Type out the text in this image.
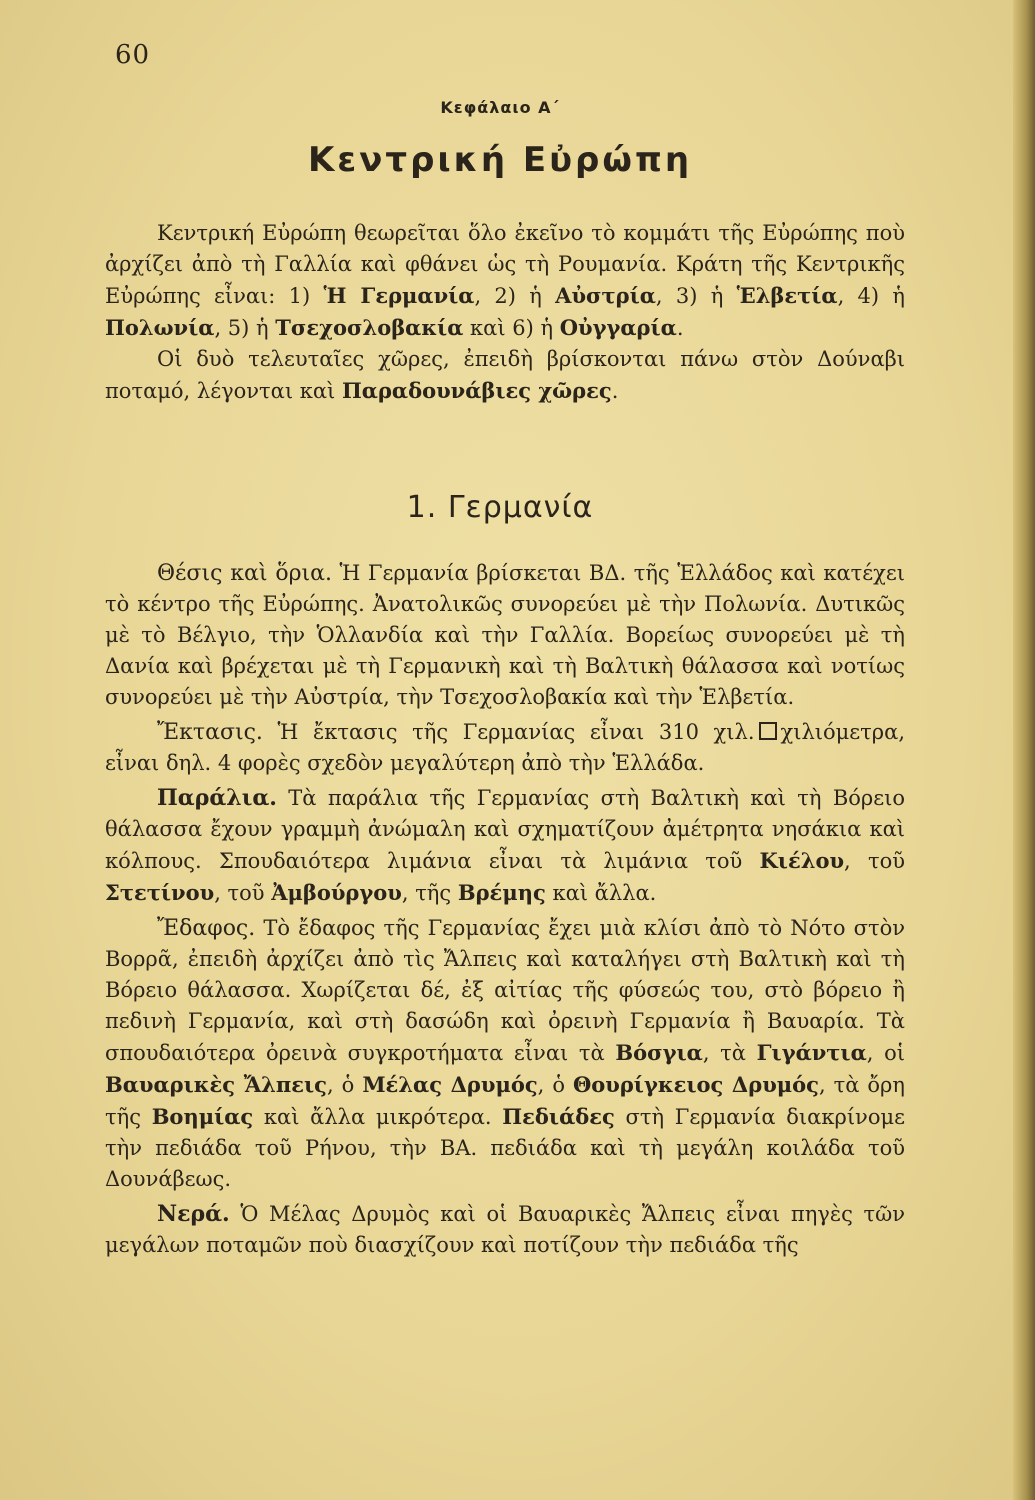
60
Κεφάλαιο Α΄
Κεντρική Εὐρώπη

Κεντρική Εὐρώπη θεωρεῖται ὅλο ἐκεῖνο τὸ κομμάτι τῆς Εὐρώπης ποὺ ἀρχίζει ἀπὸ τὴ Γαλλία καὶ φθάνει ὡς τὴ Ρουμανία. Κράτη τῆς Κεντρικῆς Εὐρώπης εἶναι: 1) Ἡ Γερμανία, 2) ἡ Αὐστρία, 3) ἡ Ἑλβετία, 4) ἡ Πολωνία, 5) ἡ Τσεχοσλοβακία καὶ 6) ἡ Οὐγγαρία.

Οἱ δυὸ τελευταῖες χῶρες, ἐπειδὴ βρίσκονται πάνω στὸν Δούναβι ποταμό, λέγονται καὶ Παραδουνάβιες χῶρες.

1. Γερμανία

Θέσις καὶ ὅρια. Ἡ Γερμανία βρίσκεται ΒΔ. τῆς Ἑλλάδος καὶ κατέχει τὸ κέντρο τῆς Εὐρώπης. Ἀνατολικῶς συνορεύει μὲ τὴν Πολωνία. Δυτικῶς μὲ τὸ Βέλγιο, τὴν Ὁλλανδία καὶ τὴν Γαλλία. Βορείως συνορεύει μὲ τὴ Δανία καὶ βρέχεται μὲ τὴ Γερμανικὴ καὶ τὴ Βαλτικὴ θάλασσα καὶ νοτίως συνορεύει μὲ τὴν Αὐστρία, τὴν Τσεχοσλοβακία καὶ τὴν Ἑλβετία.

Ἔκτασις. Ἡ ἔκτασις τῆς Γερμανίας εἶναι 310 χιλ. χιλιόμετρα, εἶναι δηλ. 4 φορὲς σχεδὸν μεγαλύτερη ἀπὸ τὴν Ἑλλάδα.

Παράλια. Τὰ παράλια τῆς Γερμανίας στὴ Βαλτικὴ καὶ τὴ Βόρειο θάλασσα ἔχουν γραμμὴ ἀνώμαλη καὶ σχηματίζουν ἀμέτρητα νησάκια καὶ κόλπους. Σπουδαιότερα λιμάνια εἶναι τὰ λιμάνια τοῦ Κιέλου, τοῦ Στετίνου, τοῦ Ἀμβούργου, τῆς Βρέμης καὶ ἄλλα.

Ἔδαφος. Τὸ ἔδαφος τῆς Γερμανίας ἔχει μιὰ κλίσι ἀπὸ τὸ Νότο στὸν Βορρᾶ, ἐπειδὴ ἀρχίζει ἀπὸ τὶς Ἄλπεις καὶ καταλήγει στὴ Βαλτικὴ καὶ τὴ Βόρειο θάλασσα. Χωρίζεται δέ, ἐξ αἰτίας τῆς φύσεώς του, στὸ βόρειο ἢ πεδινὴ Γερμανία, καὶ στὴ δασώδη καὶ ὀρεινὴ Γερμανία ἢ Βαυαρία. Τὰ σπουδαιότερα ὀρεινὰ συγκροτήματα εἶναι τὰ Βόσγια, τὰ Γιγάντια, οἱ Βαυαρικὲς Ἄλπεις, ὁ Μέλας Δρυμός, ὁ Θουρίγκειος Δρυμός, τὰ ὄρη τῆς Βοημίας καὶ ἄλλα μικρότερα. Πεδιάδες στὴ Γερμανία διακρίνομε τὴν πεδιάδα τοῦ Ρήνου, τὴν ΒΑ. πεδιάδα καὶ τὴ μεγάλη κοιλάδα τοῦ Δουνάβεως.

Νερά. Ὁ Μέλας Δρυμὸς καὶ οἱ Βαυαρικὲς Ἄλπεις εἶναι πηγὲς τῶν μεγάλων ποταμῶν ποὺ διασχίζουν καὶ ποτίζουν τὴν πεδιάδα τῆς
